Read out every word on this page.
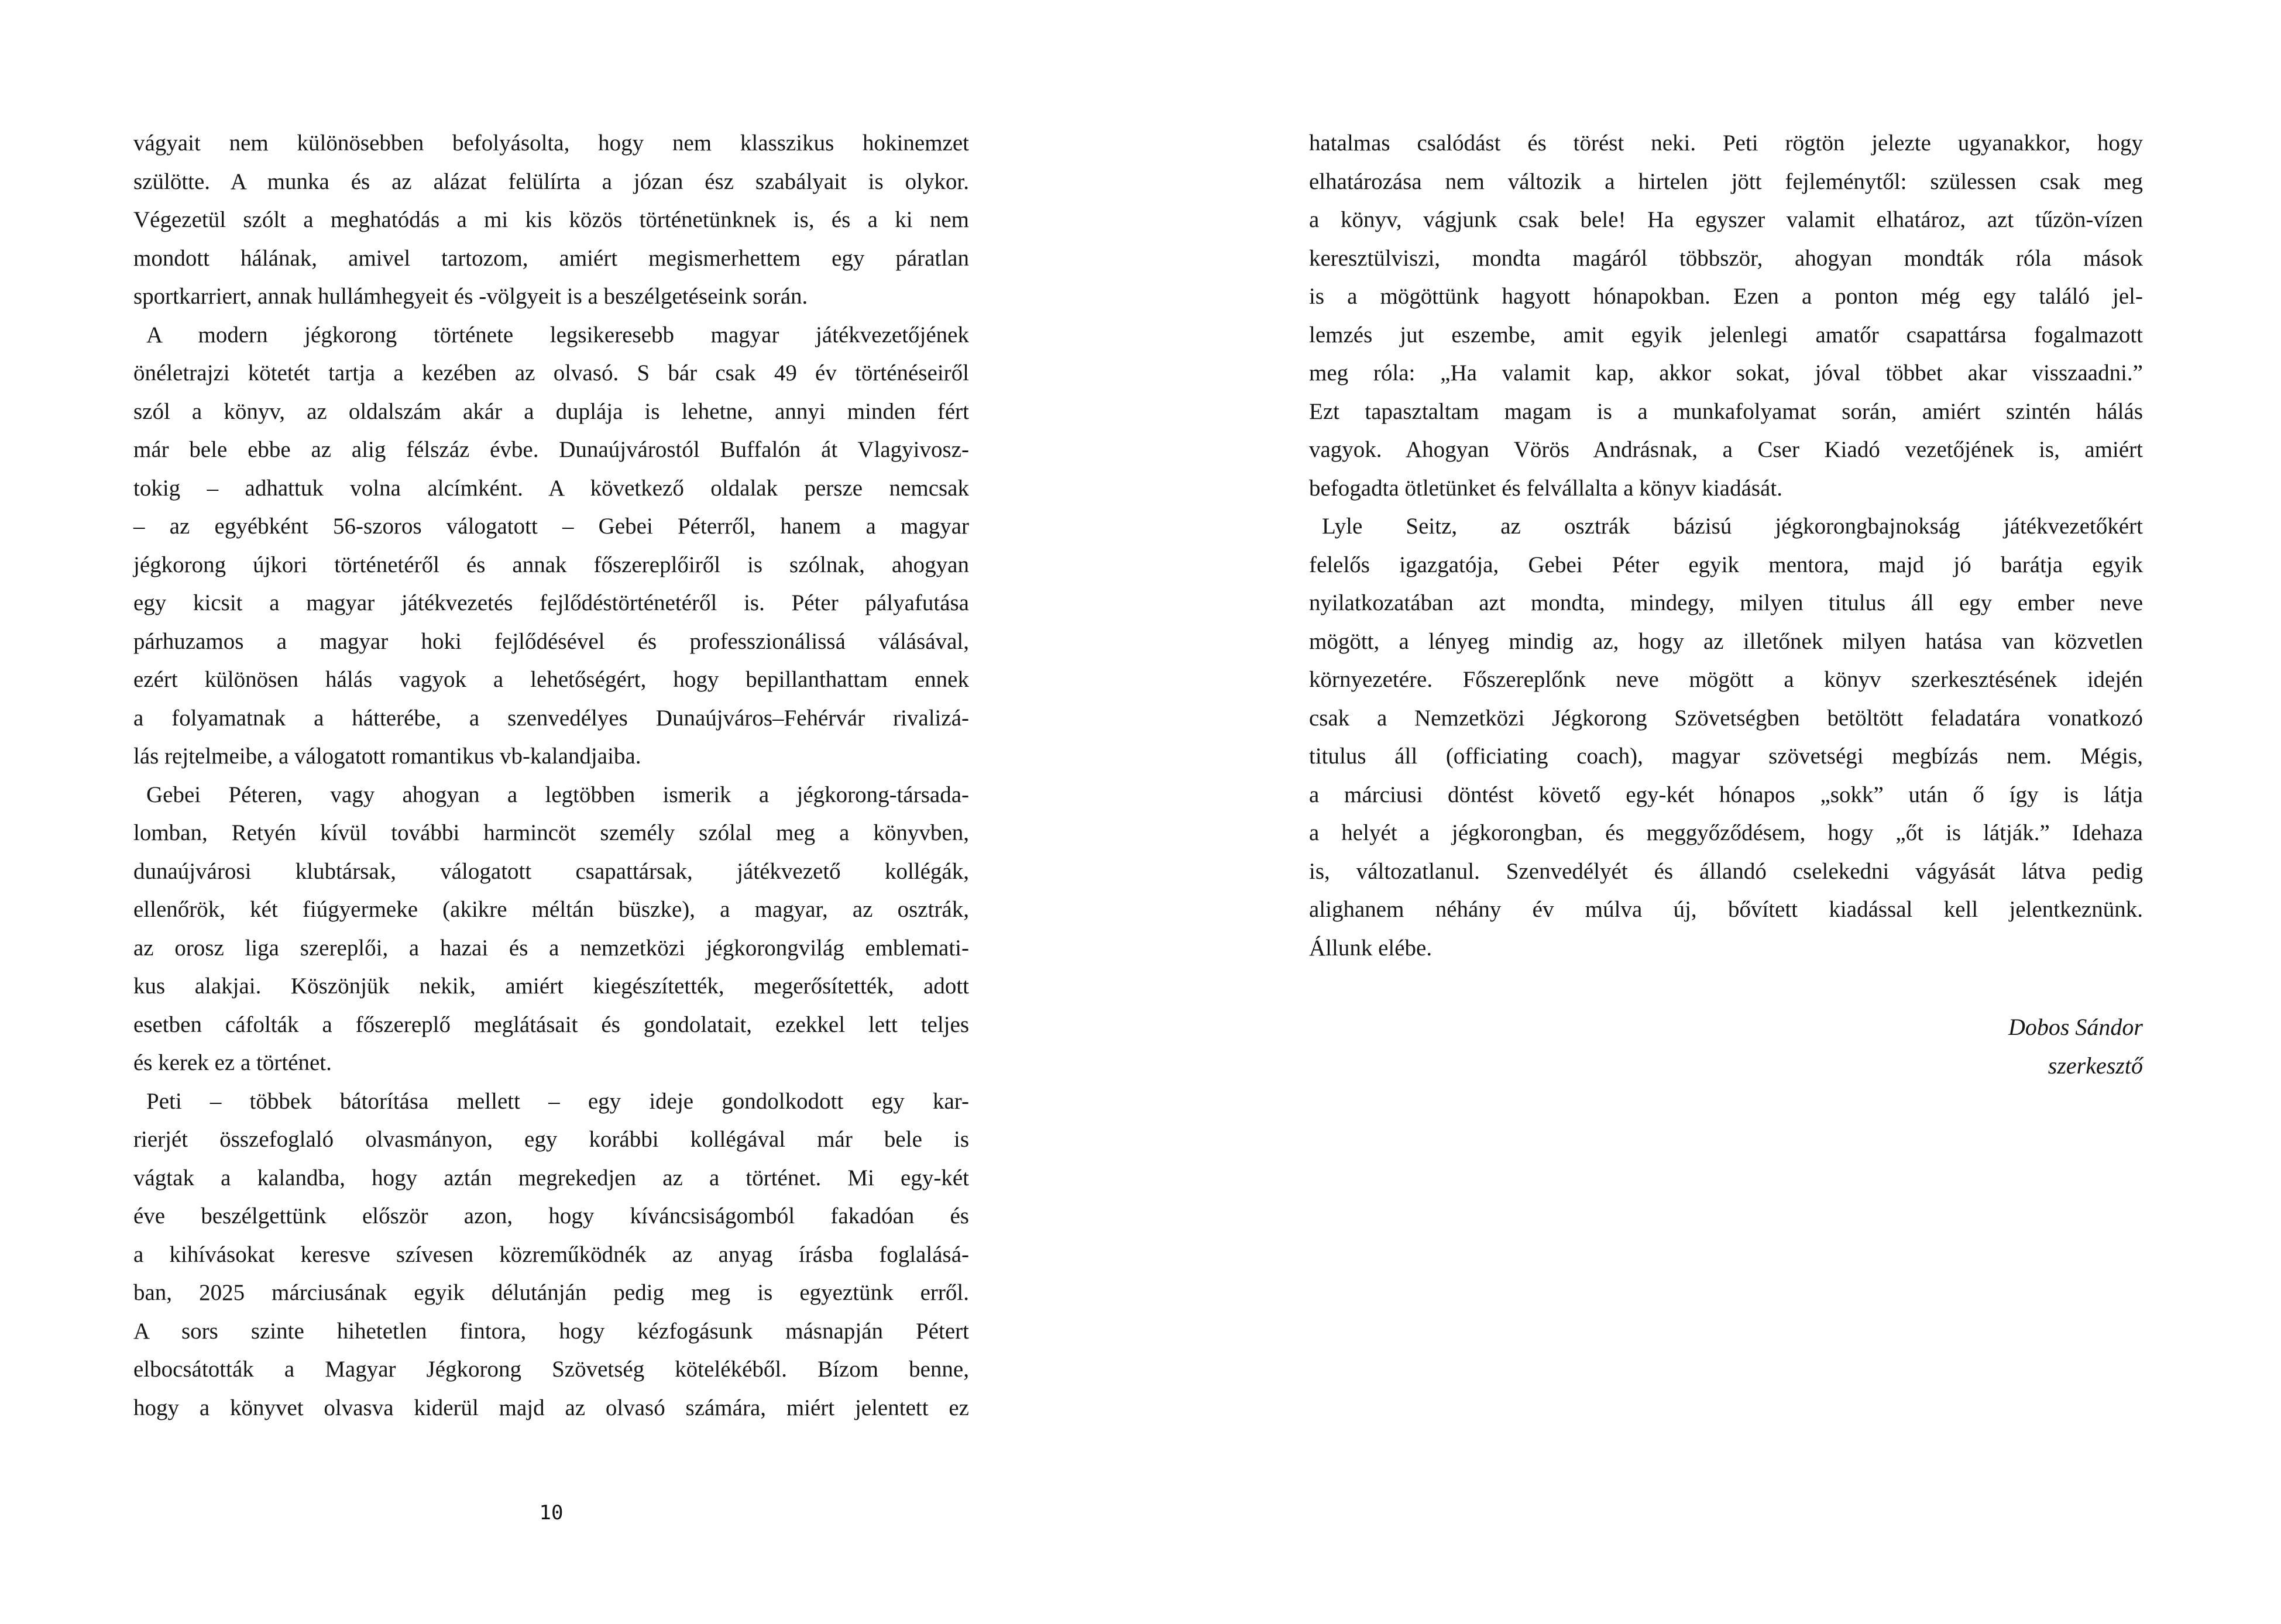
vágyait nem különösebben befolyásolta, hogy nem klasszikus hokinemzet
szülötte. A munka és az alázat felülírta a józan ész szabályait is olykor.
Végezetül szólt a meghatódás a mi kis közös történetünknek is, és a ki nem
mondott hálának, amivel tartozom, amiért megismerhettem egy páratlan
sportkarriert, annak hullámhegyeit és -völgyeit is a beszélgetéseink során.
A modern jégkorong története legsikeresebb magyar játékvezetőjének
önéletrajzi kötetét tartja a kezében az olvasó. S bár csak 49 év történéseiről
szól a könyv, az oldalszám akár a duplája is lehetne, annyi minden fért
már bele ebbe az alig félszáz évbe. Dunaújvárostól Buffalón át Vlagyivosz-
tokig – adhattuk volna alcímként. A következő oldalak persze nemcsak
– az egyébként 56-szoros válogatott – Gebei Péterről, hanem a magyar
jégkorong újkori történetéről és annak főszereplőiről is szólnak, ahogyan
egy kicsit a magyar játékvezetés fejlődéstörténetéről is. Péter pályafutása
párhuzamos a magyar hoki fejlődésével és professzionálissá válásával,
ezért különösen hálás vagyok a lehetőségért, hogy bepillanthattam ennek
a folyamatnak a hátterébe, a szenvedélyes Dunaújváros–Fehérvár rivalizá-
lás rejtelmeibe, a válogatott romantikus vb-kalandjaiba.
Gebei Péteren, vagy ahogyan a legtöbben ismerik a jégkorong-társada-
lomban, Retyén kívül további harmincöt személy szólal meg a könyvben,
dunaújvárosi klubtársak, válogatott csapattársak, játékvezető kollégák,
ellenőrök, két fiúgyermeke (akikre méltán büszke), a magyar, az osztrák,
az orosz liga szereplői, a hazai és a nemzetközi jégkorongvilág emblemati-
kus alakjai. Köszönjük nekik, amiért kiegészítették, megerősítették, adott
esetben cáfolták a főszereplő meglátásait és gondolatait, ezekkel lett teljes
és kerek ez a történet.
Peti – többek bátorítása mellett – egy ideje gondolkodott egy kar-
rierjét összefoglaló olvasmányon, egy korábbi kollégával már bele is
vágtak a kalandba, hogy aztán megrekedjen az a történet. Mi egy-két
éve beszélgettünk először azon, hogy kíváncsiságomból fakadóan és
a kihívásokat keresve szívesen közreműködnék az anyag írásba foglalásá-
ban, 2025 márciusának egyik délutánján pedig meg is egyeztünk erről.
A sors szinte hihetetlen fintora, hogy kézfogásunk másnapján Pétert
elbocsátották a Magyar Jégkorong Szövetség kötelékéből. Bízom benne,
hogy a könyvet olvasva kiderül majd az olvasó számára, miért jelentett ez
hatalmas csalódást és törést neki. Peti rögtön jelezte ugyanakkor, hogy
elhatározása nem változik a hirtelen jött fejleménytől: szülessen csak meg
a könyv, vágjunk csak bele! Ha egyszer valamit elhatároz, azt tűzön-vízen
keresztülviszi, mondta magáról többször, ahogyan mondták róla mások
is a mögöttünk hagyott hónapokban. Ezen a ponton még egy találó jel-
lemzés jut eszembe, amit egyik jelenlegi amatőr csapattársa fogalmazott
meg róla: „Ha valamit kap, akkor sokat, jóval többet akar visszaadni.”
Ezt tapasztaltam magam is a munkafolyamat során, amiért szintén hálás
vagyok. Ahogyan Vörös Andrásnak, a Cser Kiadó vezetőjének is, amiért
befogadta ötletünket és felvállalta a könyv kiadását.
Lyle Seitz, az osztrák bázisú jégkorongbajnokság játékvezetőkért
felelős igazgatója, Gebei Péter egyik mentora, majd jó barátja egyik
nyilatkozatában azt mondta, mindegy, milyen titulus áll egy ember neve
mögött, a lényeg mindig az, hogy az illetőnek milyen hatása van közvetlen
környezetére. Főszereplőnk neve mögött a könyv szerkesztésének idején
csak a Nemzetközi Jégkorong Szövetségben betöltött feladatára vonatkozó
titulus áll (officiating coach), magyar szövetségi megbízás nem. Mégis,
a márciusi döntést követő egy-két hónapos „sokk” után ő így is látja
a helyét a jégkorongban, és meggyőződésem, hogy „őt is látják.” Idehaza
is, változatlanul. Szenvedélyét és állandó cselekedni vágyását látva pedig
alighanem néhány év múlva új, bővített kiadással kell jelentkeznünk.
Állunk elébe.
Dobos Sándor
szerkesztő
10
